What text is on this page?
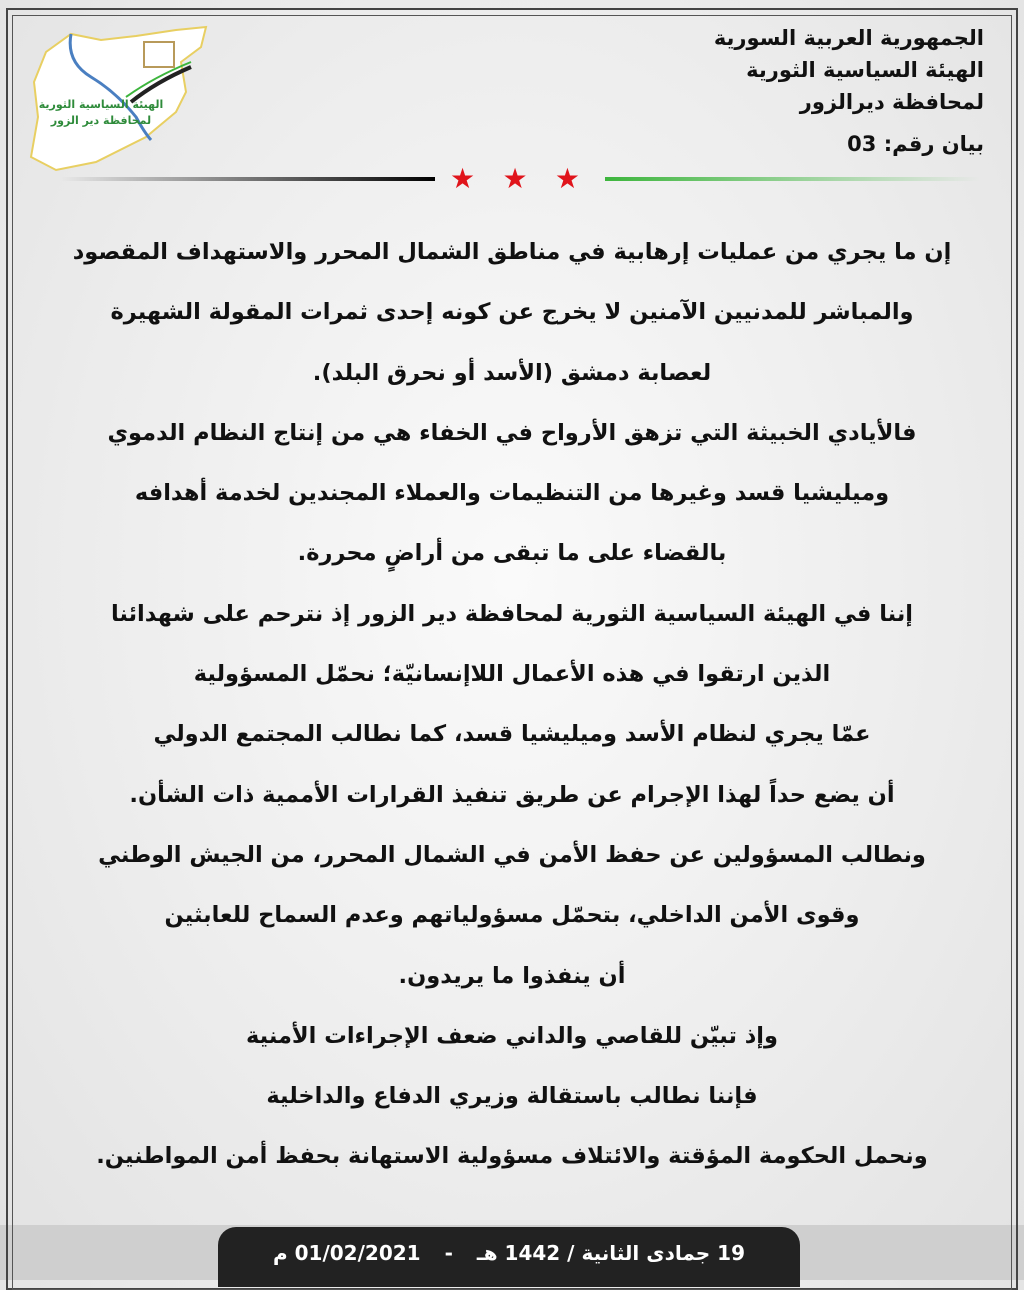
الهيئة السياسية الثورية
لمحافظة دير الزور
الجمهورية العربية السورية
الهيئة السياسية الثورية
لمحافظة ديرالزور
بيان رقم: 03
★ ★ ★
إن ما يجري من عمليات إرهابية في مناطق الشمال المحرر والاستهداف المقصود
والمباشر للمدنيين الآمنين لا يخرج عن كونه إحدى ثمرات المقولة الشهيرة
لعصابة دمشق (الأسد أو نحرق البلد).
فالأيادي الخبيثة التي تزهق الأرواح في الخفاء هي من إنتاج النظام الدموي
وميليشيا قسد وغيرها من التنظيمات والعملاء المجندين لخدمة أهدافه
بالقضاء على ما تبقى من أراضٍ محررة.
إننا في الهيئة السياسية الثورية لمحافظة دير الزور إذ نترحم على شهدائنا
الذين ارتقوا في هذه الأعمال اللاإنسانيّة؛ نحمّل المسؤولية
عمّا يجري لنظام الأسد وميليشيا قسد، كما نطالب المجتمع الدولي
أن يضع حداً لهذا الإجرام عن طريق تنفيذ القرارات الأممية ذات الشأن.
ونطالب المسؤولين عن حفظ الأمن في الشمال المحرر، من الجيش الوطني
وقوى الأمن الداخلي، بتحمّل مسؤولياتهم وعدم السماح للعابثين
أن ينفذوا ما يريدون.
وإذ تبيّن للقاصي والداني ضعف الإجراءات الأمنية
فإننا نطالب باستقالة وزيري الدفاع والداخلية
ونحمل الحكومة المؤقتة والائتلاف مسؤولية الاستهانة بحفظ أمن المواطنين.
19 جمادى الثانية / 1442 هـ
-
01/02/2021 م
